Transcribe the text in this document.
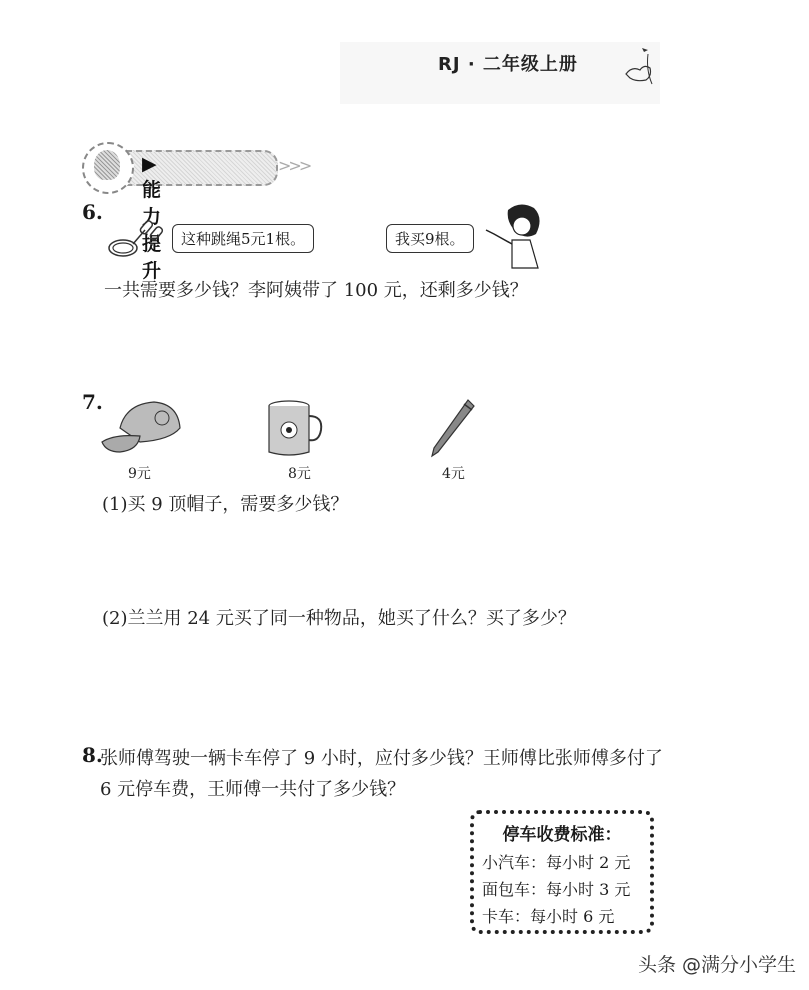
RJ · 二年级上册
▶能力提升
>>>
6.
这种跳绳5元1根。	我买9根。
一共需要多少钱？李阿姨带了 100 元，还剩多少钱？
7.
9元	8元	4元
(1)买 9 顶帽子，需要多少钱？
(2)兰兰用 24 元买了同一种物品，她买了什么？买了多少？
8.
张师傅驾驶一辆卡车停了 9 小时，应付多少钱？王师傅比张师傅多付了
6 元停车费，王师傅一共付了多少钱？
停车收费标准：
小汽车：每小时 2 元
面包车：每小时 3 元
卡车：每小时 6 元
头条 @满分小学生
